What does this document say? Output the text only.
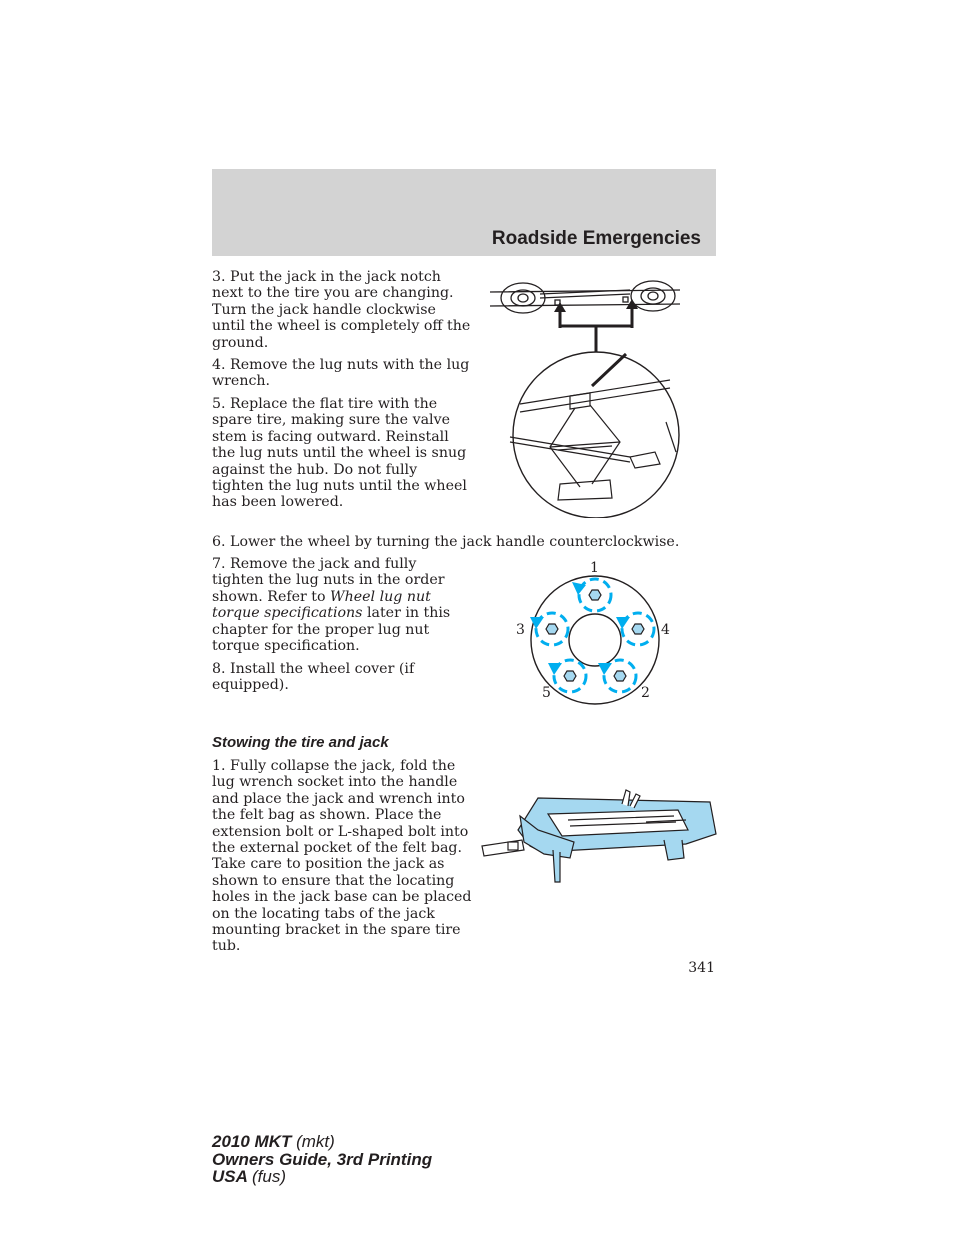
Roadside Emergencies

3. Put the jack in the jack notch next to the tire you are changing. Turn the jack handle clockwise until the wheel is completely off the ground.

4. Remove the lug nuts with the lug wrench.

5. Replace the flat tire with the spare tire, making sure the valve stem is facing outward. Reinstall the lug nuts until the wheel is snug against the hub. Do not fully tighten the lug nuts until the wheel has been lowered.

6. Lower the wheel by turning the jack handle counterclockwise.

7. Remove the jack and fully tighten the lug nuts in the order shown. Refer to Wheel lug nut torque specifications later in this chapter for the proper lug nut torque specification.

8. Install the wheel cover (if equipped).

1
3	4
5	2
Stowing the tire and jack

1. Fully collapse the jack, fold the lug wrench socket into the handle and place the jack and wrench into the felt bag as shown. Place the extension bolt or L-shaped bolt into the external pocket of the felt bag. Take care to position the jack as shown to ensure that the locating holes in the jack base can be placed on the locating tabs of the jack mounting bracket in the spare tire tub.

341
2010 MKT (mkt)
Owners Guide, 3rd Printing
USA (fus)
